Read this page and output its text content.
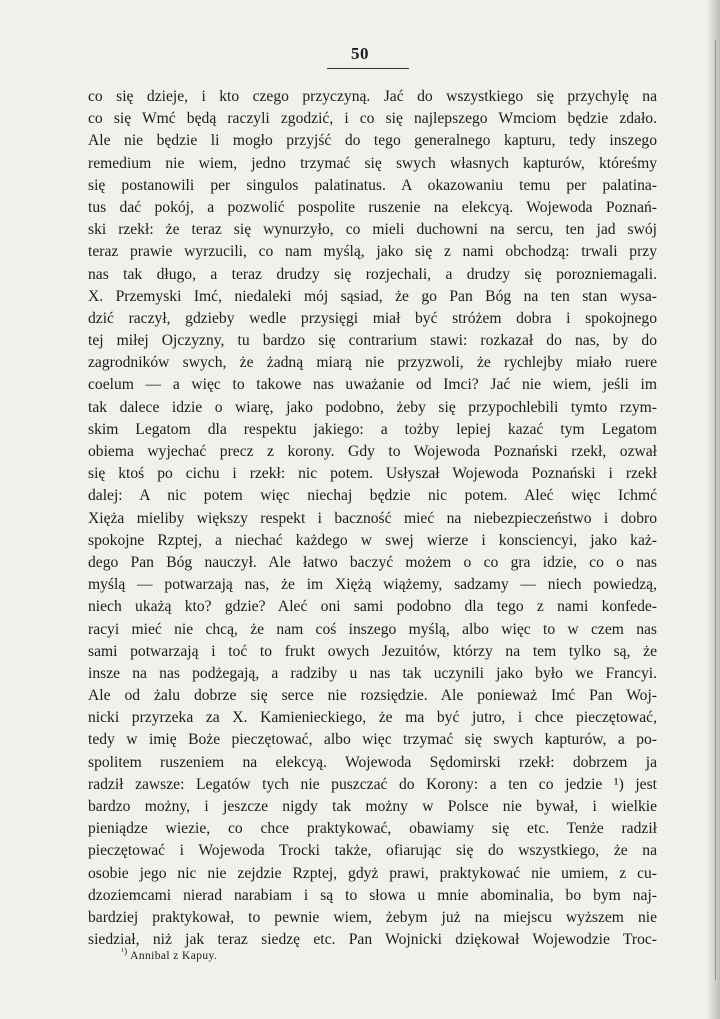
50
co się dzieje, i kto czego przyczyną. Jać do wszystkiego się przychylę na
co się Wmć będą raczyli zgodzić, i co się najlepszego Wmciom będzie zdało.
Ale nie będzie li mogło przyjść do tego generalnego kapturu, tedy inszego
remedium nie wiem, jedno trzymać się swych własnych kapturów, któreśmy
się postanowili per singulos palatinatus. A okazowaniu temu per palatina-
tus dać pokój, a pozwolić pospolite ruszenie na elekcyą. Wojewoda Poznań-
ski rzekł: że teraz się wynurzyło, co mieli duchowni na sercu, ten jad swój
teraz prawie wyrzucili, co nam myślą, jako się z nami obchodzą: trwali przy
nas tak długo, a teraz drudzy się rozjechali, a drudzy się porozniemagali.
X. Przemyski Imć, niedaleki mój sąsiad, że go Pan Bóg na ten stan wysa-
dzić raczył, gdzieby wedle przysięgi miał być stróżem dobra i spokojnego
tej miłej Ojczyzny, tu bardzo się contrarium stawi: rozkazał do nas, by do
zagrodników swych, że żadną miarą nie przyzwoli, że rychlejby miało ruere
coelum — a więc to takowe nas uważanie od Imci? Jać nie wiem, jeśli im
tak dalece idzie o wiarę, jako podobno, żeby się przypochlebili tymto rzym-
skim Legatom dla respektu jakiego: a tożby lepiej kazać tym Legatom
obiema wyjechać precz z korony. Gdy to Wojewoda Poznański rzekł, ozwał
się ktoś po cichu i rzekł: nic potem. Usłyszał Wojewoda Poznański i rzekł
dalej: A nic potem więc niechaj będzie nic potem. Aleć więc Ichmć
Xięża mieliby większy respekt i baczność mieć na niebezpieczeństwo i dobro
spokojne Rzptej, a niechać każdego w swej wierze i konsciencyi, jako każ-
dego Pan Bóg nauczył. Ale łatwo baczyć możem o co gra idzie, co o nas
myślą — potwarzają nas, że im Xiężą wiążemy, sadzamy — niech powiedzą,
niech ukażą kto? gdzie? Aleć oni sami podobno dla tego z nami konfede-
racyi mieć nie chcą, że nam coś inszego myślą, albo więc to w czem nas
sami potwarzają i toć to frukt owych Jezuitów, którzy na tem tylko są, że
insze na nas podżegają, a radziby u nas tak uczynili jako było we Francyi.
Ale od żalu dobrze się serce nie rozsiędzie. Ale ponieważ Imć Pan Woj-
nicki przyrzeka za X. Kamienieckiego, że ma być jutro, i chce pieczętować,
tedy w imię Boże pieczętować, albo więc trzymać się swych kapturów, a po-
spolitem ruszeniem na elekcyą. Wojewoda Sędomirski rzekł: dobrzem ja
radził zawsze: Legatów tych nie puszczać do Korony: a ten co jedzie ¹) jest
bardzo możny, i jeszcze nigdy tak możny w Polsce nie bywał, i wielkie
pieniądze wiezie, co chce praktykować, obawiamy się etc. Tenże radził
pieczętować i Wojewoda Trocki także, ofiarując się do wszystkiego, że na
osobie jego nic nie zejdzie Rzptej, gdyż prawi, praktykować nie umiem, z cu-
dzoziemcami nierad narabiam i są to słowa u mnie abominalia, bo bym naj-
bardziej praktykował, to pewnie wiem, żebym już na miejscu wyższem nie
siedział, niż jak teraz siedzę etc. Pan Wojnicki dziękował Wojewodzie Troc-
$^{^1)}$ Annibal z Kapuy.
